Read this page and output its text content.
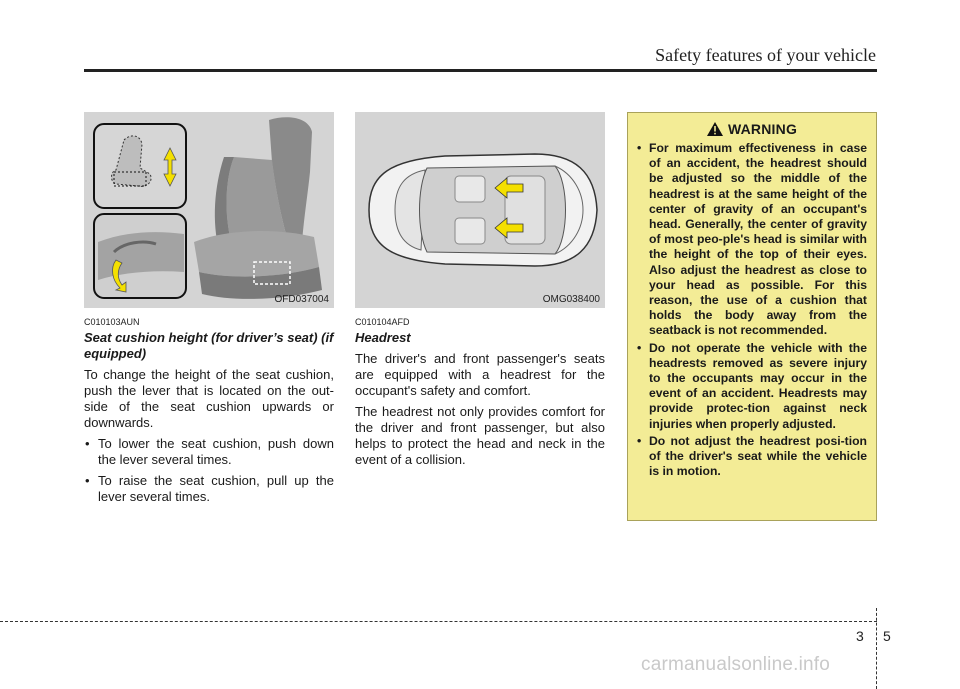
Safety features of your vehicle
OFD037004
C010103AUN
Seat cushion height (for driver’s seat) (if equipped)
To change the height of the seat cushion, push the lever that is located on the out-side of the seat cushion upwards or downwards.
• To lower the seat cushion, push down the lever several times.
• To raise the seat cushion, pull up the lever several times.
OMG038400
C010104AFD
Headrest
The driver's and front passenger's seats are equipped with a headrest for the occupant's safety and comfort.
The headrest not only provides comfort for the driver and front passenger, but also helps to protect the head and neck in the event of a collision.
WARNING
• For maximum effectiveness in case of an accident, the headrest should be adjusted so the middle of the headrest is at the same height of the center of gravity of an occupant's head. Generally, the center of gravity of most peo-ple's head is similar with the height of the top of their eyes. Also adjust the headrest as close to your head as possible. For this reason, the use of a cushion that holds the body away from the seatback is not recommended.
• Do not operate the vehicle with the headrests removed as severe injury to the occupants may occur in the event of an accident. Headrests may provide protec-tion against neck injuries when properly adjusted.
• Do not adjust the headrest posi-tion of the driver's seat while the vehicle is in motion.
3 5
carmanualsonline.info
